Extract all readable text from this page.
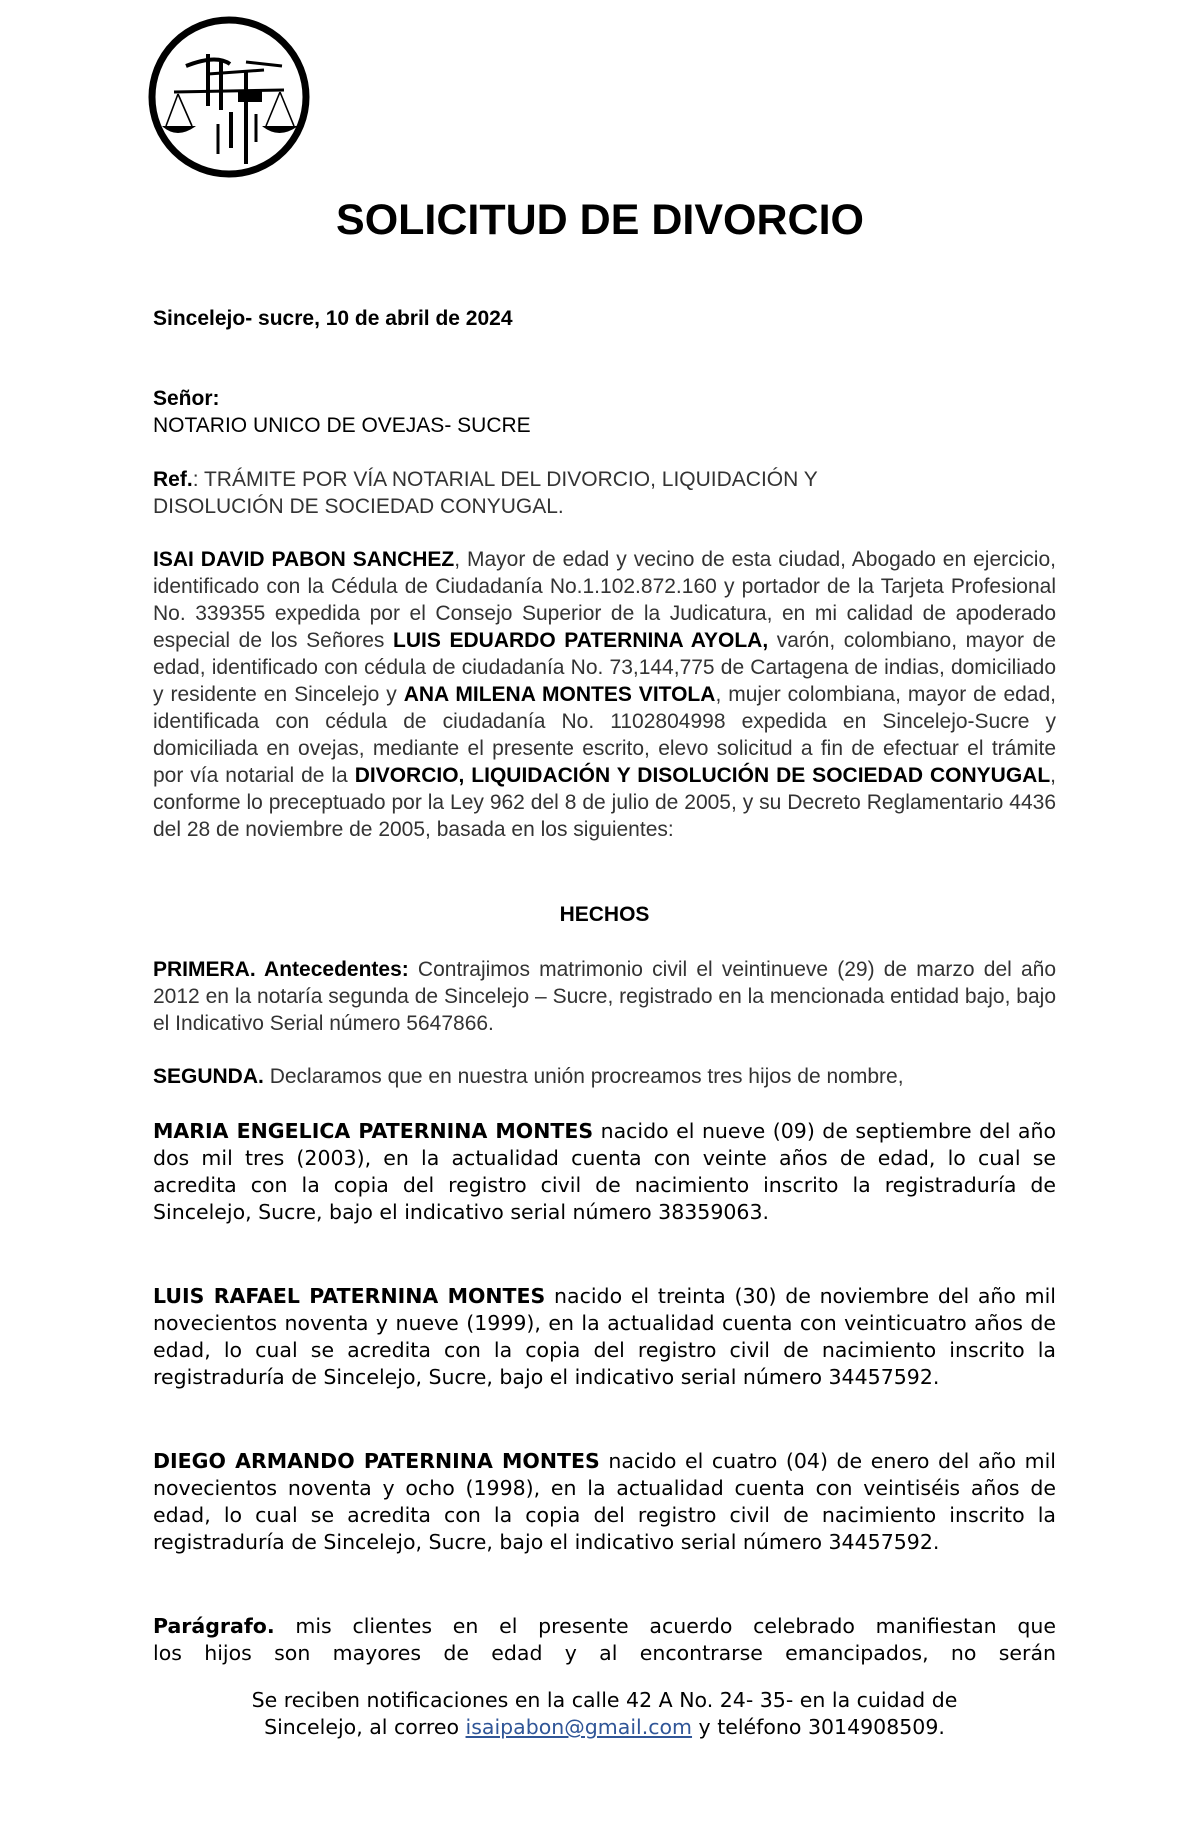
SOLICITUD DE DIVORCIO

Sincelejo- sucre, 10 de abril de 2024

Señor:
NOTARIO UNICO DE OVEJAS- SUCRE
Ref.: TRÁMITE POR VÍA NOTARIAL DEL DIVORCIO, LIQUIDACIÓN Y
DISOLUCIÓN DE SOCIEDAD CONYUGAL.

ISAI DAVID PABON SANCHEZ, Mayor de edad y vecino de esta ciudad, Abogado en ejercicio, identificado con la Cédula de Ciudadanía No.1.102.872.160 y portador de la Tarjeta Profesional No. 339355 expedida por el Consejo Superior de la Judicatura, en mi calidad de apoderado especial de los Señores LUIS EDUARDO PATERNINA AYOLA, varón, colombiano, mayor de edad, identificado con cédula de ciudadanía No. 73,144,775 de Cartagena de indias, domiciliado y residente en Sincelejo y ANA MILENA MONTES VITOLA, mujer colombiana, mayor de edad, identificada con cédula de ciudadanía No. 1102804998 expedida en Sincelejo-Sucre y domiciliada en ovejas, mediante el presente escrito, elevo solicitud a fin de efectuar el trámite por vía notarial de la DIVORCIO, LIQUIDACIÓN Y DISOLUCIÓN DE SOCIEDAD CONYUGAL, conforme lo preceptuado por la Ley 962 del 8 de julio de 2005, y su Decreto Reglamentario 4436 del 28 de noviembre de 2005, basada en los siguientes:

HECHOS

PRIMERA. Antecedentes: Contrajimos matrimonio civil el veintinueve (29) de marzo del año 2012 en la notaría segunda de Sincelejo – Sucre, registrado en la mencionada entidad bajo, bajo el Indicativo Serial número 5647866.

SEGUNDA. Declaramos que en nuestra unión procreamos tres hijos de nombre,

MARIA ENGELICA PATERNINA MONTES nacido el nueve (09) de septiembre del año dos mil tres (2003), en la actualidad cuenta con veinte años de edad, lo cual se acredita con la copia del registro civil de nacimiento inscrito la registraduría de Sincelejo, Sucre, bajo el indicativo serial número 38359063.

LUIS RAFAEL PATERNINA MONTES nacido el treinta (30) de noviembre del año mil novecientos noventa y nueve (1999), en la actualidad cuenta con veinticuatro años de edad, lo cual se acredita con la copia del registro civil de nacimiento inscrito la registraduría de Sincelejo, Sucre, bajo el indicativo serial número 34457592.

DIEGO ARMANDO PATERNINA MONTES nacido el cuatro (04) de enero del año mil novecientos noventa y ocho (1998), en la actualidad cuenta con veintiséis años de edad, lo cual se acredita con la copia del registro civil de nacimiento inscrito la registraduría de Sincelejo, Sucre, bajo el indicativo serial número 34457592.

Parágrafo. mis clientes en el presente acuerdo celebrado manifiestan que
los hijos son mayores de edad y al encontrarse emancipados, no serán
Se reciben notificaciones en la calle 42 A No. 24- 35- en la cuidad de
Sincelejo, al correo isaipabon@gmail.com y teléfono 3014908509.
